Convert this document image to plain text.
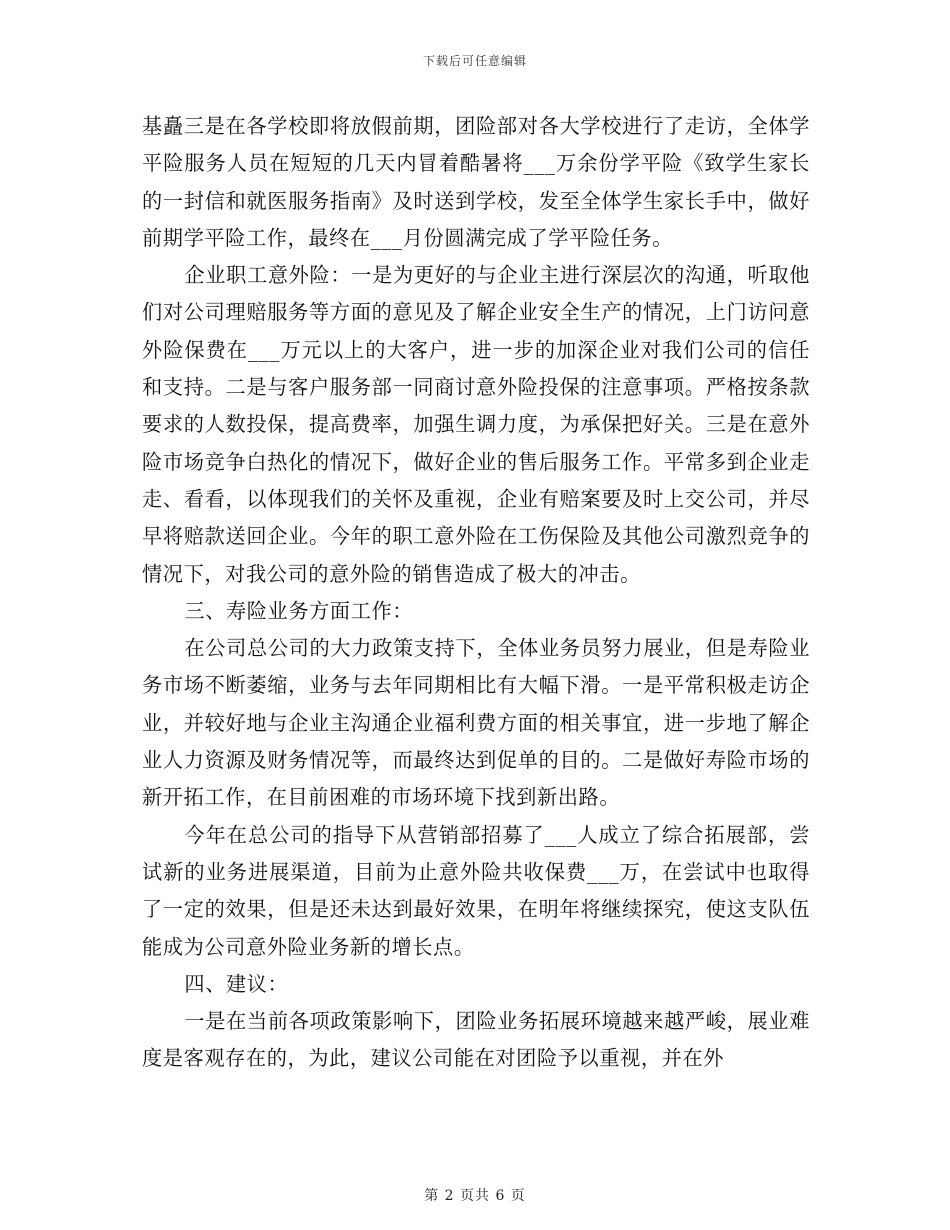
下载后可任意编辑

基矗三是在各学校即将放假前期，团险部对各大学校进行了走访，全体学平险服务人员在短短的几天内冒着酷暑将___万余份学平险《致学生家长的一封信和就医服务指南》及时送到学校，发至全体学生家长手中，做好前期学平险工作，最终在___月份圆满完成了学平险任务。

企业职工意外险：一是为更好的与企业主进行深层次的沟通，听取他们对公司理赔服务等方面的意见及了解企业安全生产的情况，上门访问意外险保费在___万元以上的大客户，进一步的加深企业对我们公司的信任和支持。二是与客户服务部一同商讨意外险投保的注意事项。严格按条款要求的人数投保，提高费率，加强生调力度，为承保把好关。三是在意外险市场竞争白热化的情况下，做好企业的售后服务工作。平常多到企业走走、看看，以体现我们的关怀及重视，企业有赔案要及时上交公司，并尽早将赔款送回企业。今年的职工意外险在工伤保险及其他公司激烈竞争的情况下，对我公司的意外险的销售造成了极大的冲击。

三、寿险业务方面工作：

在公司总公司的大力政策支持下，全体业务员努力展业，但是寿险业务市场不断萎缩，业务与去年同期相比有大幅下滑。一是平常积极走访企业，并较好地与企业主沟通企业福利费方面的相关事宜，进一步地了解企业人力资源及财务情况等，而最终达到促单的目的。二是做好寿险市场的新开拓工作，在目前困难的市场环境下找到新出路。

今年在总公司的指导下从营销部招募了___人成立了综合拓展部，尝试新的业务进展渠道，目前为止意外险共收保费___万，在尝试中也取得了一定的效果，但是还未达到最好效果，在明年将继续探究，使这支队伍能成为公司意外险业务新的增长点。

四、建议：

一是在当前各项政策影响下，团险业务拓展环境越来越严峻，展业难度是客观存在的，为此，建议公司能在对团险予以重视，并在外

第 2 页共 6 页
